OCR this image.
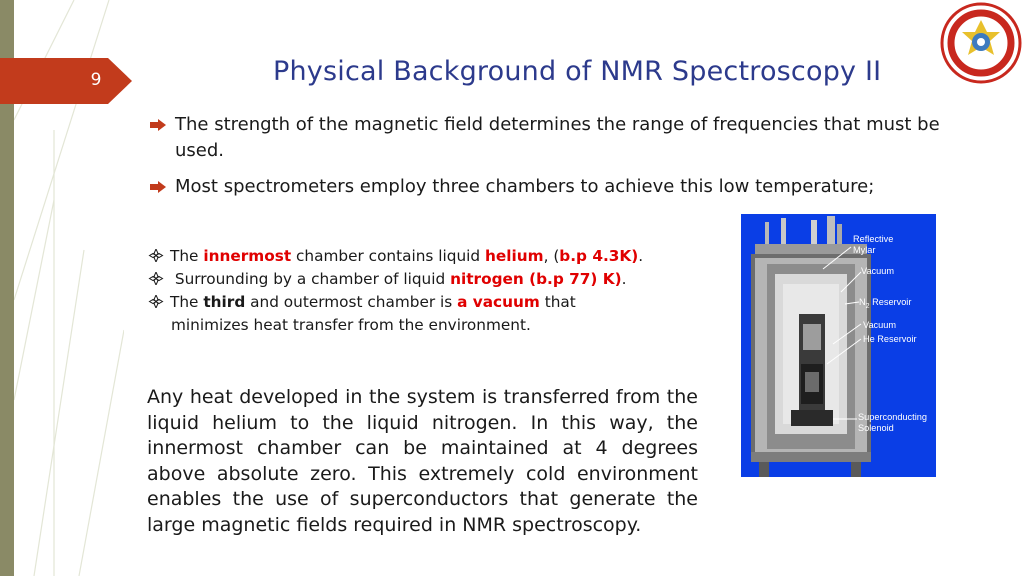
9	Physical Background of NMR Spectroscopy II
The strength of the magnetic field determines the range of frequencies that must be used.
Most spectrometers employ three chambers to achieve this low temperature;
The innermost chamber contains liquid helium, (b.p 4.3K).
Surrounding by a chamber of liquid nitrogen (b.p 77) K).
The third and outermost chamber is a vacuum that
minimizes heat transfer from the environment.
Any heat developed in the system is transferred from the liquid helium to the liquid nitrogen. In this way, the innermost chamber can be maintained at 4 degrees above absolute zero. This extremely cold environment enables the use of superconductors that generate the large magnetic fields required in NMR spectroscopy.
Reflective
Mylar
Vacuum
$N_2$ Reservoir
Vacuum
He Reservoir
Superconducting
Solenoid
